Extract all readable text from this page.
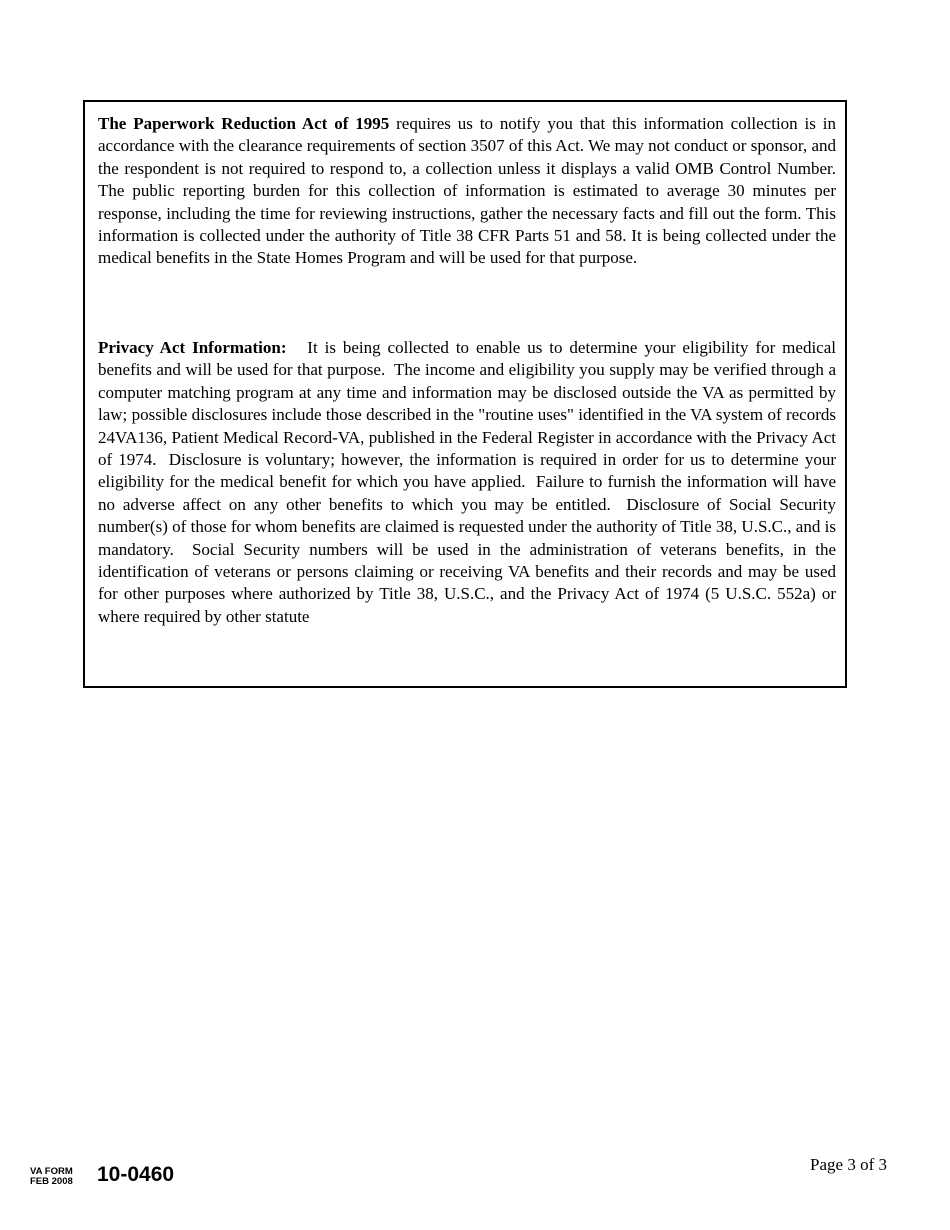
The Paperwork Reduction Act of 1995 requires us to notify you that this information collection is in accordance with the clearance requirements of section 3507 of this Act. We may not conduct or sponsor, and the respondent is not required to respond to, a collection unless it displays a valid OMB Control Number. The public reporting burden for this collection of information is estimated to average 30 minutes per response, including the time for reviewing instructions, gather the necessary facts and fill out the form. This information is collected under the authority of Title 38 CFR Parts 51 and 58. It is being collected under the medical benefits in the State Homes Program and will be used for that purpose.

Privacy Act Information:   It is being collected to enable us to determine your eligibility for medical benefits and will be used for that purpose.  The income and eligibility you supply may be verified through a computer matching program at any time and information may be disclosed outside the VA as permitted by law; possible disclosures include those described in the "routine uses" identified in the VA system of records 24VA136, Patient Medical Record-VA, published in the Federal Register in accordance with the Privacy Act of 1974.  Disclosure is voluntary; however, the information is required in order for us to determine your eligibility for the medical benefit for which you have applied.  Failure to furnish the information will have no adverse affect on any other benefits to which you may be entitled.  Disclosure of Social Security number(s) of those for whom benefits are claimed is requested under the authority of Title 38, U.S.C., and is mandatory.  Social Security numbers will be used in the administration of veterans benefits, in the identification of veterans or persons claiming or receiving VA benefits and their records and may be used for other purposes where authorized by Title 38, U.S.C., and the Privacy Act of 1974 (5 U.S.C. 552a) or where required by other statute

VA FORM
FEB 2008 10-0460	Page 3 of 3
